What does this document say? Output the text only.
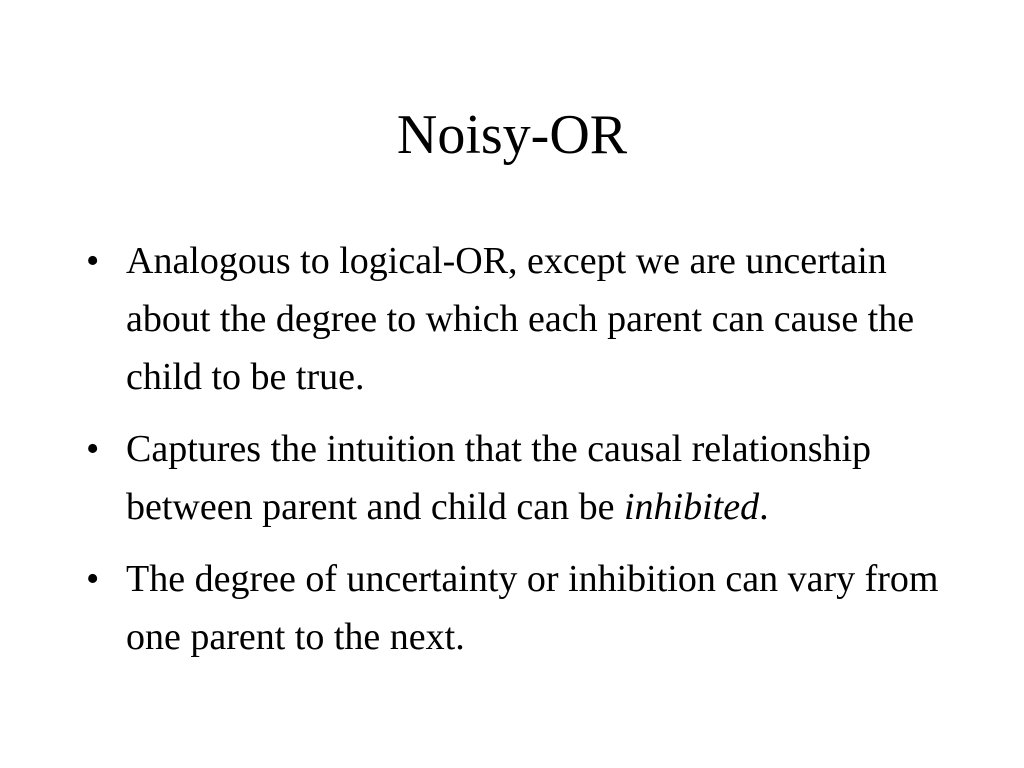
Noisy-OR
• Analogous to logical-OR, except we are uncertain about the degree to which each parent can cause the child to be true.
• Captures the intuition that the causal relationship between parent and child can be inhibited.
• The degree of uncertainty or inhibition can vary from one parent to the next.
